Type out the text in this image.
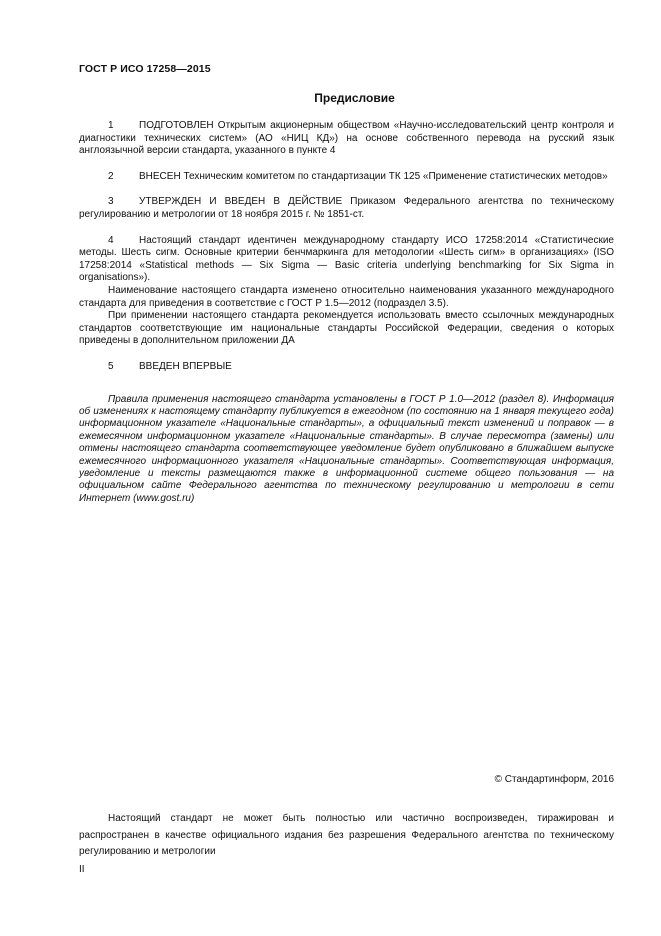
ГОСТ Р ИСО 17258—2015
Предисловие

1	ПОДГОТОВЛЕН Открытым акционерным обществом «Научно-исследовательский центр контроля и диагностики технических систем» (АО «НИЦ КД») на основе собственного перевода на русский язык англоязычной версии стандарта, указанного в пункте 4

2	ВНЕСЕН Техническим комитетом по стандартизации ТК 125 «Применение статистических методов»

3	УТВЕРЖДЕН И ВВЕДЕН В ДЕЙСТВИЕ Приказом Федерального агентства по техническому регулированию и метрологии от 18 ноября 2015 г. № 1851-ст.

4	Настоящий стандарт идентичен международному стандарту ИСО 17258:2014 «Статистические методы. Шесть сигм. Основные критерии бенчмаркинга для методологии «Шесть сигм» в организациях» (ISO 17258:2014 «Statistical methods — Six Sigma — Basic criteria underlying benchmarking for Six Sigma in organisations»).

Наименование настоящего стандарта изменено относительно наименования указанного международного стандарта для приведения в соответствие с ГОСТ Р 1.5—2012 (подраздел 3.5).

При применении настоящего стандарта рекомендуется использовать вместо ссылочных международных стандартов соответствующие им национальные стандарты Российской Федерации, сведения о которых приведены в дополнительном приложении ДА

5	ВВЕДЕН ВПЕРВЫЕ

Правила применения настоящего стандарта установлены в ГОСТ Р 1.0—2012 (раздел 8). Информация об изменениях к настоящему стандарту публикуется в ежегодном (по состоянию на 1 января текущего года) информационном указателе «Национальные стандарты», а официальный текст изменений и поправок — в ежемесячном информационном указателе «Национальные стандарты». В случае пересмотра (замены) или отмены настоящего стандарта соответствующее уведомление будет опубликовано в ближайшем выпуске ежемесячного информационного указателя «Национальные стандарты». Соответствующая информация, уведомление и тексты размещаются также в информационной системе общего пользования — на официальном сайте Федерального агентства по техническому регулированию и метрологии в сети Интернет (www.gost.ru)

© Стандартинформ, 2016

Настоящий стандарт не может быть полностью или частично воспроизведен, тиражирован и распространен в качестве официального издания без разрешения Федерального агентства по техническому регулированию и метрологии

II
